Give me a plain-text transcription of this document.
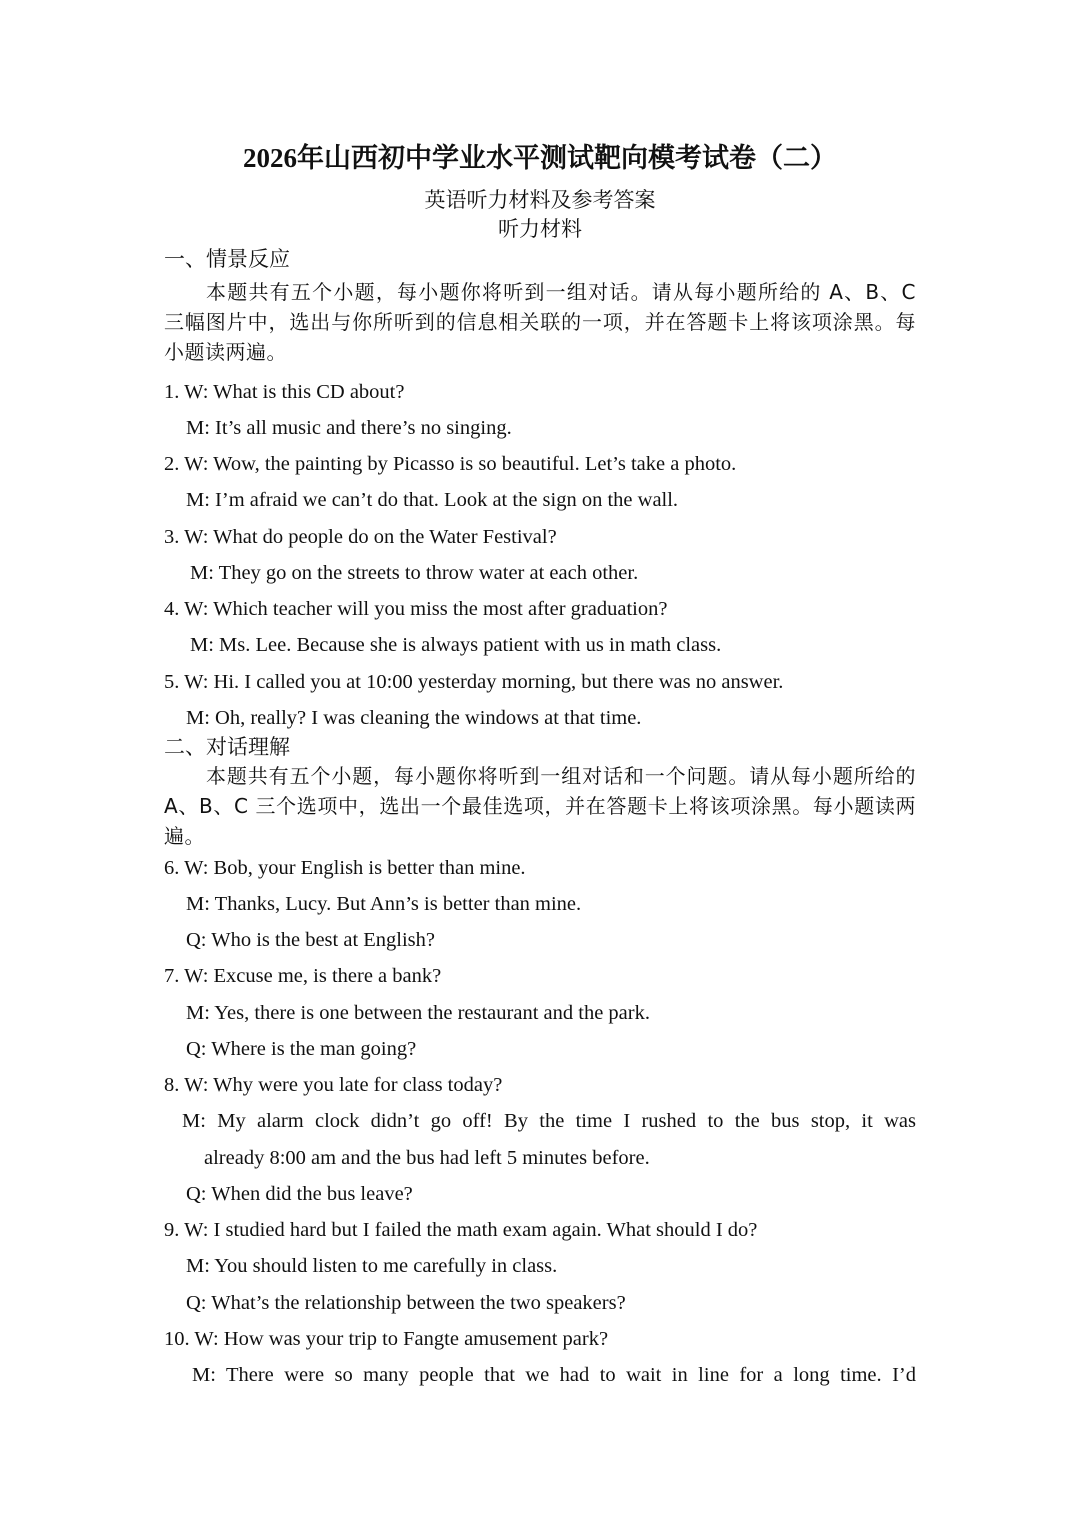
2026年山西初中学业水平测试靶向模考试卷（二）
英语听力材料及参考答案
听力材料
一、情景反应
本题共有五个小题，每小题你将听到一组对话。请从每小题所给的 A、B、C 三幅图片中，选出与你所听到的信息相关联的一项，并在答题卡上将该项涂黑。每小题读两遍。
1. W: What is this CD about?
M: It’s all music and there’s no singing.
2. W: Wow, the painting by Picasso is so beautiful. Let’s take a photo.
M: I’m afraid we can’t do that. Look at the sign on the wall.
3. W: What do people do on the Water Festival?
M: They go on the streets to throw water at each other.
4. W: Which teacher will you miss the most after graduation?
M: Ms. Lee. Because she is always patient with us in math class.
5. W: Hi. I called you at 10:00 yesterday morning, but there was no answer.
M: Oh, really? I was cleaning the windows at that time.
二、对话理解
本题共有五个小题，每小题你将听到一组对话和一个问题。请从每小题所给的 A、B、C 三个选项中，选出一个最佳选项，并在答题卡上将该项涂黑。每小题读两遍。
6. W: Bob, your English is better than mine.
M: Thanks, Lucy. But Ann’s is better than mine.
Q: Who is the best at English?
7. W: Excuse me, is there a bank?
M: Yes, there is one between the restaurant and the park.
Q: Where is the man going?
8. W: Why were you late for class today?
M: My alarm clock didn’t go off! By the time I rushed to the bus stop, it was
already 8:00 am and the bus had left 5 minutes before.
Q: When did the bus leave?
9. W: I studied hard but I failed the math exam again. What should I do?
M: You should listen to me carefully in class.
Q: What’s the relationship between the two speakers?
10. W: How was your trip to Fangte amusement park?
M: There were so many people that we had to wait in line for a long time. I’d
